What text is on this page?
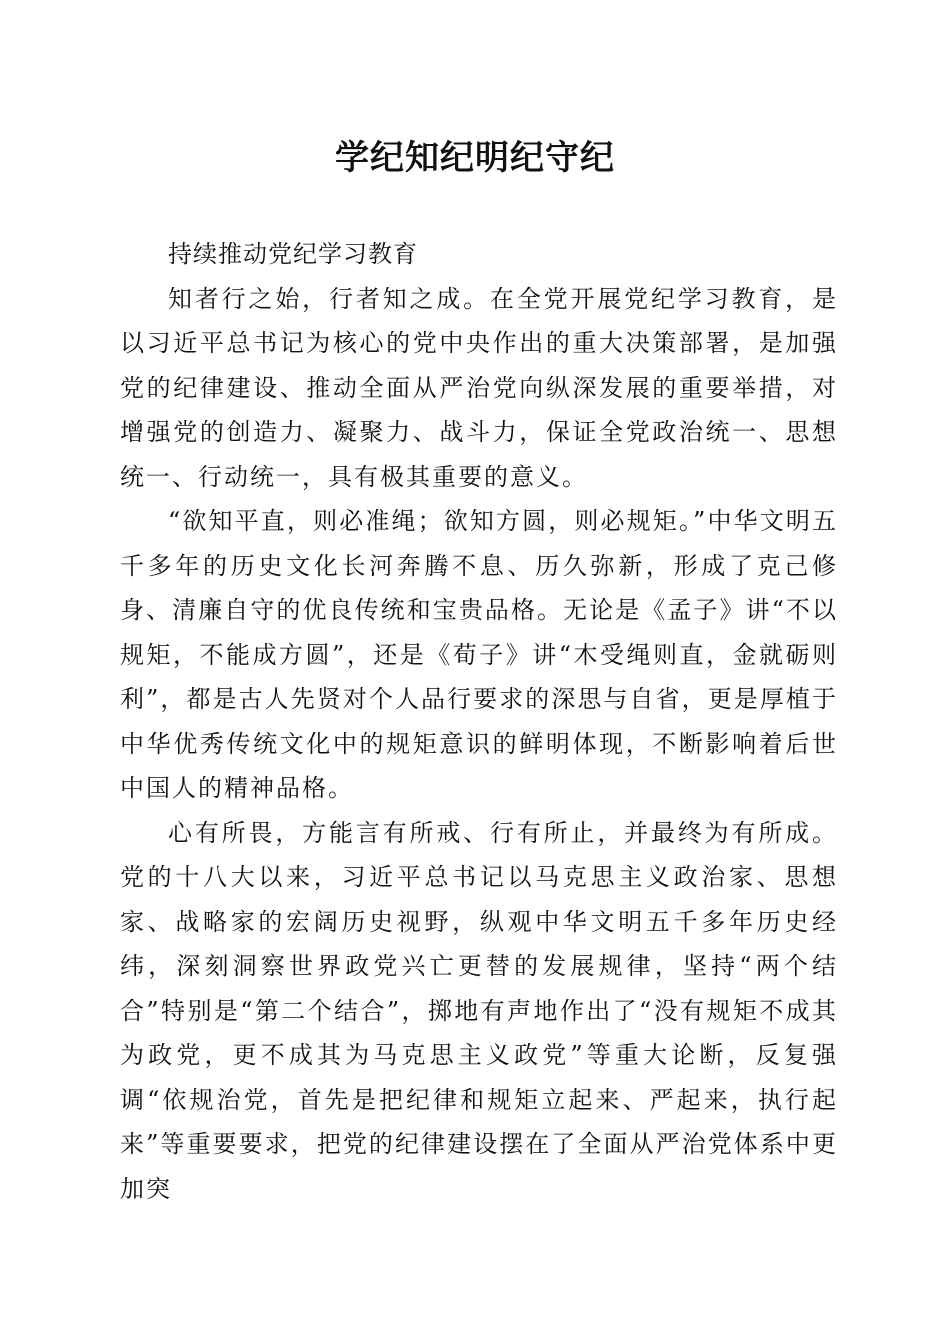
学纪知纪明纪守纪

持续推动党纪学习教育

知者行之始，行者知之成。在全党开展党纪学习教育，是以习近平总书记为核心的党中央作出的重大决策部署，是加强党的纪律建设、推动全面从严治党向纵深发展的重要举措，对增强党的创造力、凝聚力、战斗力，保证全党政治统一、思想统一、行动统一，具有极其重要的意义。

“欲知平直，则必准绳；欲知方圆，则必规矩。”中华文明五千多年的历史文化长河奔腾不息、历久弥新，形成了克己修身、清廉自守的优良传统和宝贵品格。无论是《孟子》讲“不以规矩，不能成方圆”，还是《荀子》讲“木受绳则直，金就砺则利”，都是古人先贤对个人品行要求的深思与自省，更是厚植于中华优秀传统文化中的规矩意识的鲜明体现，不断影响着后世中国人的精神品格。

心有所畏，方能言有所戒、行有所止，并最终为有所成。党的十八大以来，习近平总书记以马克思主义政治家、思想家、战略家的宏阔历史视野，纵观中华文明五千多年历史经纬，深刻洞察世界政党兴亡更替的发展规律，坚持“两个结合”特别是“第二个结合”，掷地有声地作出了“没有规矩不成其为政党，更不成其为马克思主义政党”等重大论断，反复强调“依规治党，首先是把纪律和规矩立起来、严起来，执行起来”等重要要求，把党的纪律建设摆在了全面从严治党体系中更加突
